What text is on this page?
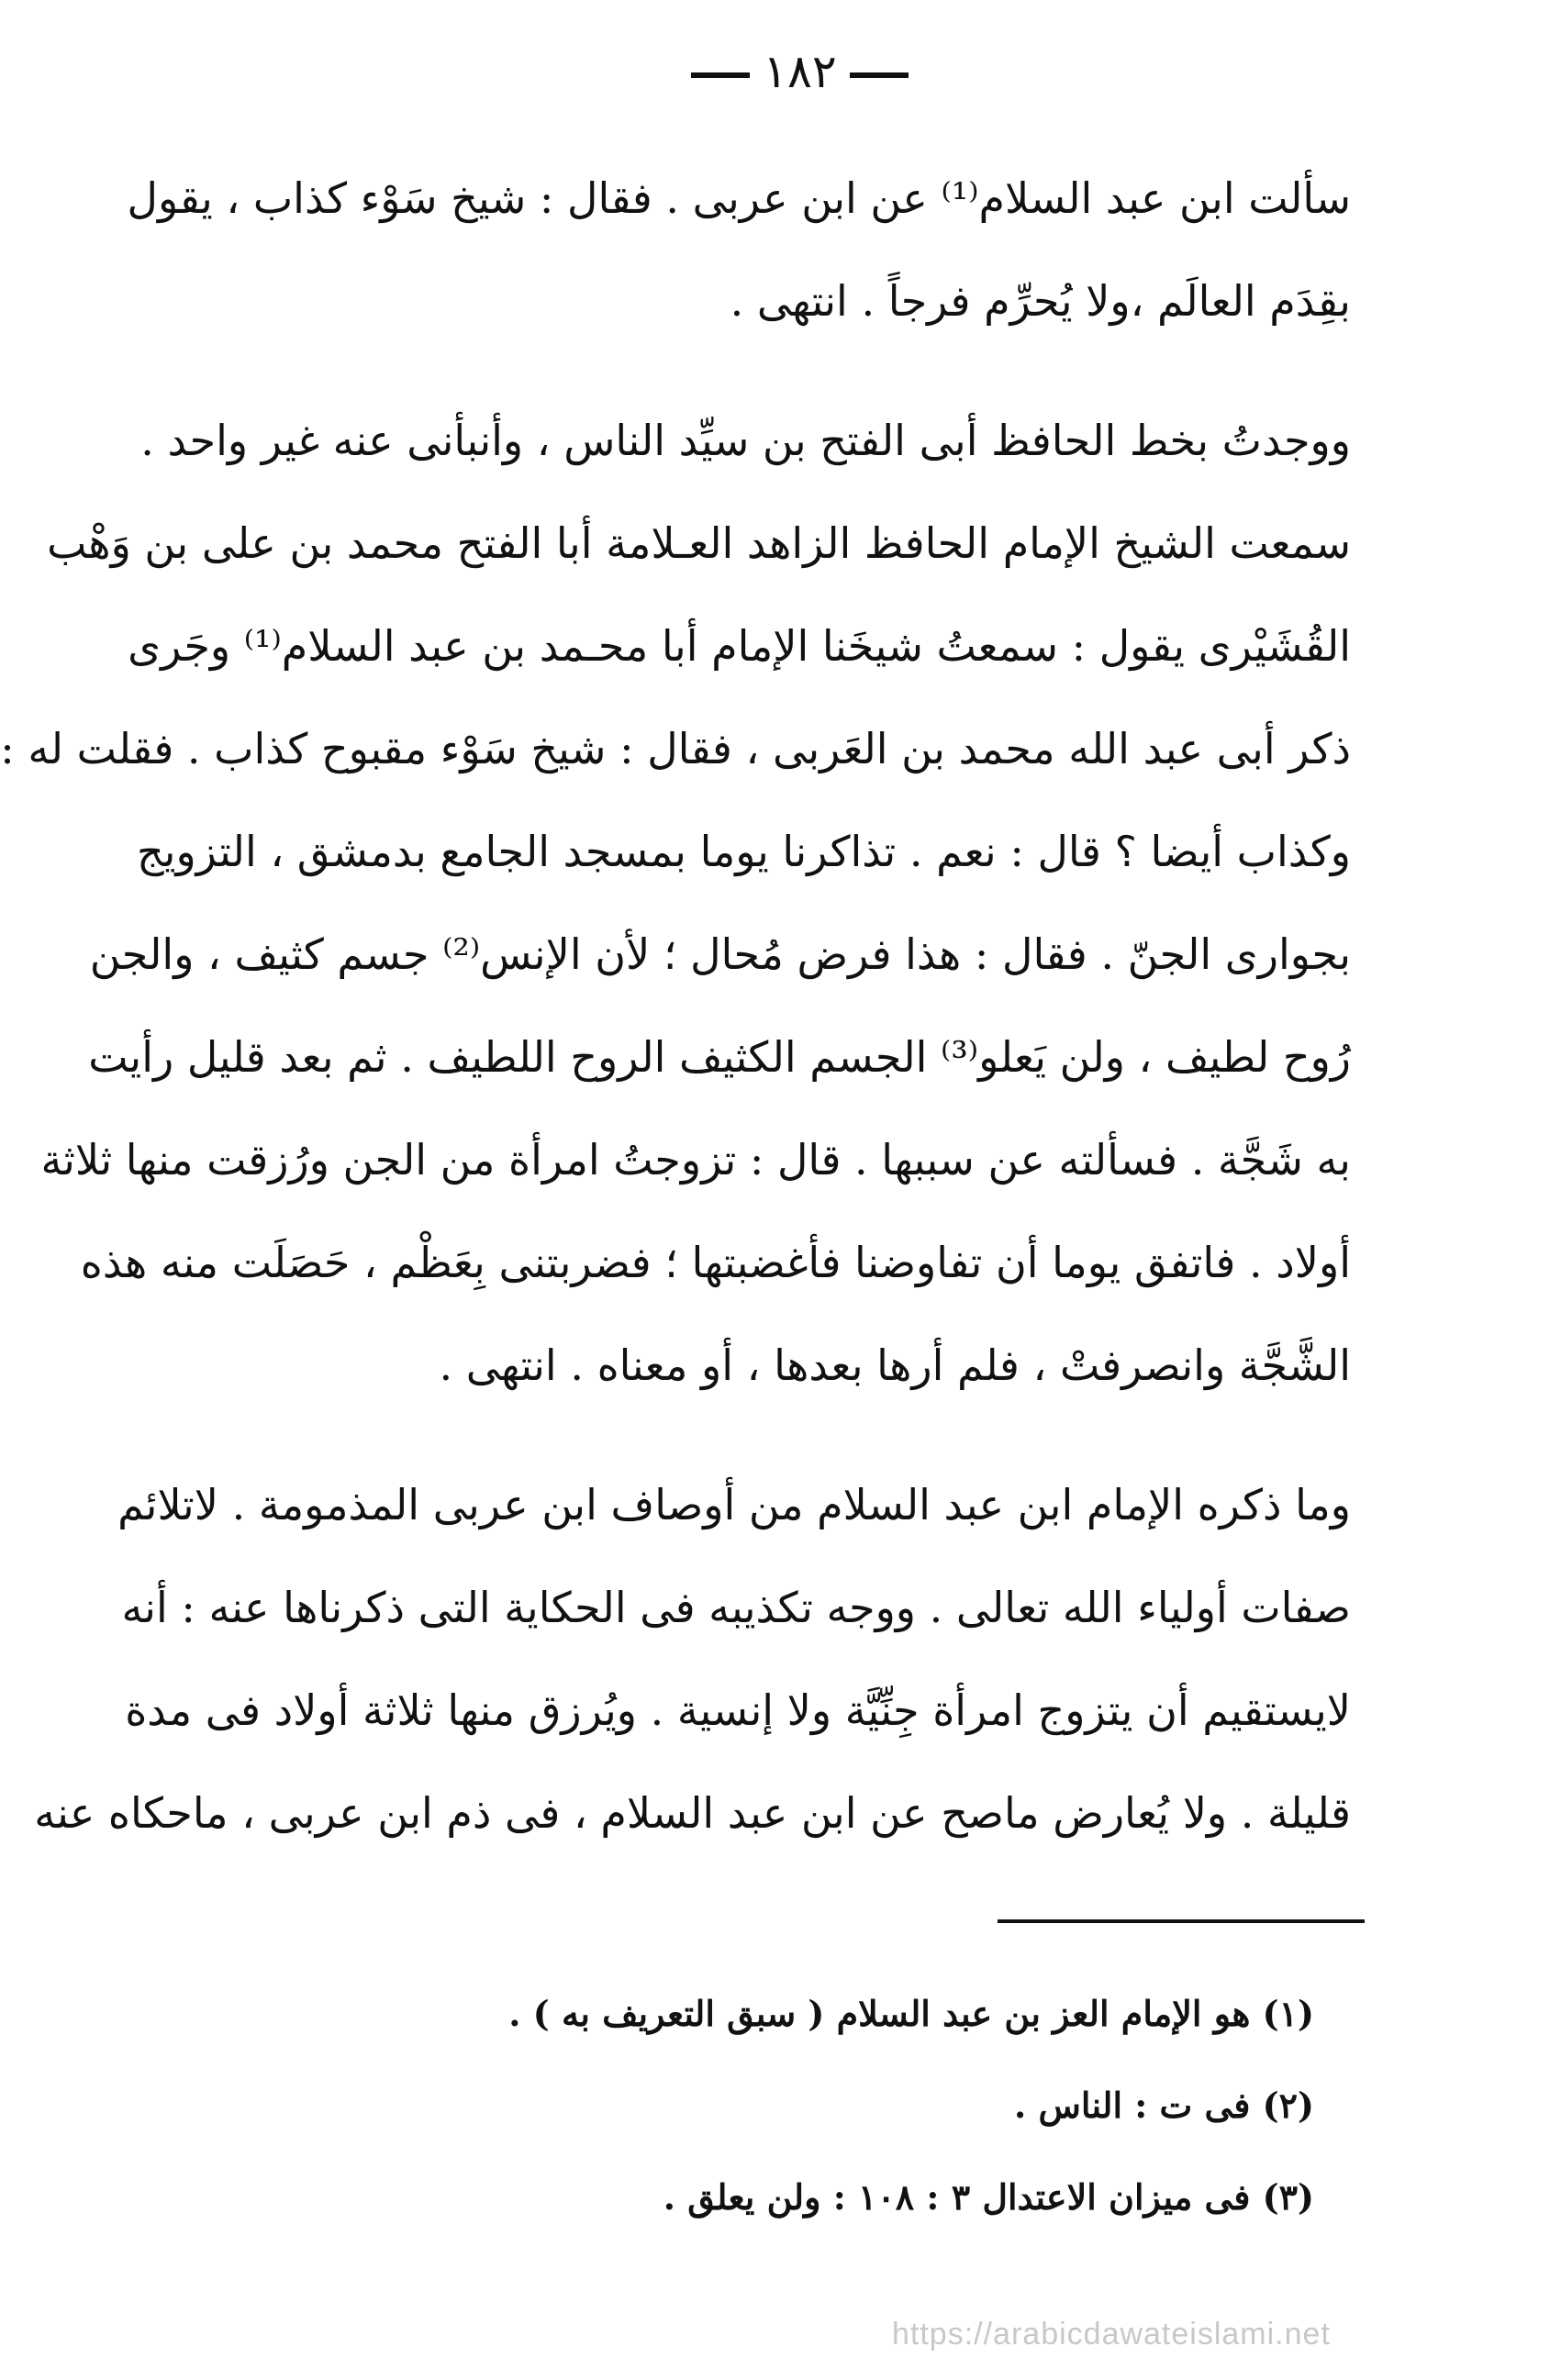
١٨٢
سألت ابن عبد السلام⁽¹⁾ عن ابن عربى . فقال : شيخ سَوْء كذاب ، يقول
بقِدَم العالَم ،ولا يُحرِّم فرجاً . انتهى .
ووجدتُ بخط الحافظ أبى الفتح بن سيِّد الناس ، وأنبأنى عنه غير واحد .
سمعت الشيخ الإمام الحافظ الزاهد العـلامة أبا الفتح محمد بن على بن وَهْب
القُشَيْرى يقول : سمعتُ شيخَنا الإمام أبا محـمد بن عبد السلام⁽¹⁾ وجَرى
ذكر أبى عبد الله محمد بن العَربى ، فقال : شيخ سَوْء مقبوح كذاب . فقلت له :
وكذاب أيضا ؟ قال : نعم . تذاكرنا يوما بمسجد الجامع بدمشق ، التزويج
بجوارى الجنّ . فقال : هذا فرض مُحال ؛ لأن الإنس⁽²⁾ جسم كثيف ، والجن
رُوح لطيف ، ولن يَعلو⁽³⁾ الجسم الكثيف الروح اللطيف . ثم بعد قليل رأيت
به شَجَّة . فسألته عن سببها . قال : تزوجتُ امرأة من الجن ورُزقت منها ثلاثة
أولاد . فاتفق يوما أن تفاوضنا فأغضبتها ؛ فضربتنى بِعَظْم ، حَصَلَت منه هذه
الشَّجَّة وانصرفتْ ، فلم أرها بعدها ، أو معناه . انتهى .
وما ذكره الإمام ابن عبد السلام من أوصاف ابن عربى المذمومة . لاتلائم
صفات أولياء الله تعالى . ووجه تكذيبه فى الحكاية التى ذكرناها عنه : أنه
لايستقيم أن يتزوج امرأة جِنِّيَّة ولا إنسية . ويُرزق منها ثلاثة أولاد فى مدة
قليلة . ولا يُعارض ماصح عن ابن عبد السلام ، فى ذم ابن عربى ، ماحكاه عنه
(١) هو الإمام العز بن عبد السلام ( سبق التعريف به ) .
(٢) فى ت : الناس .
(٣) فى ميزان الاعتدال ٣ : ١٠٨ : ولن يعلق .
https://arabicdawateislami.net
